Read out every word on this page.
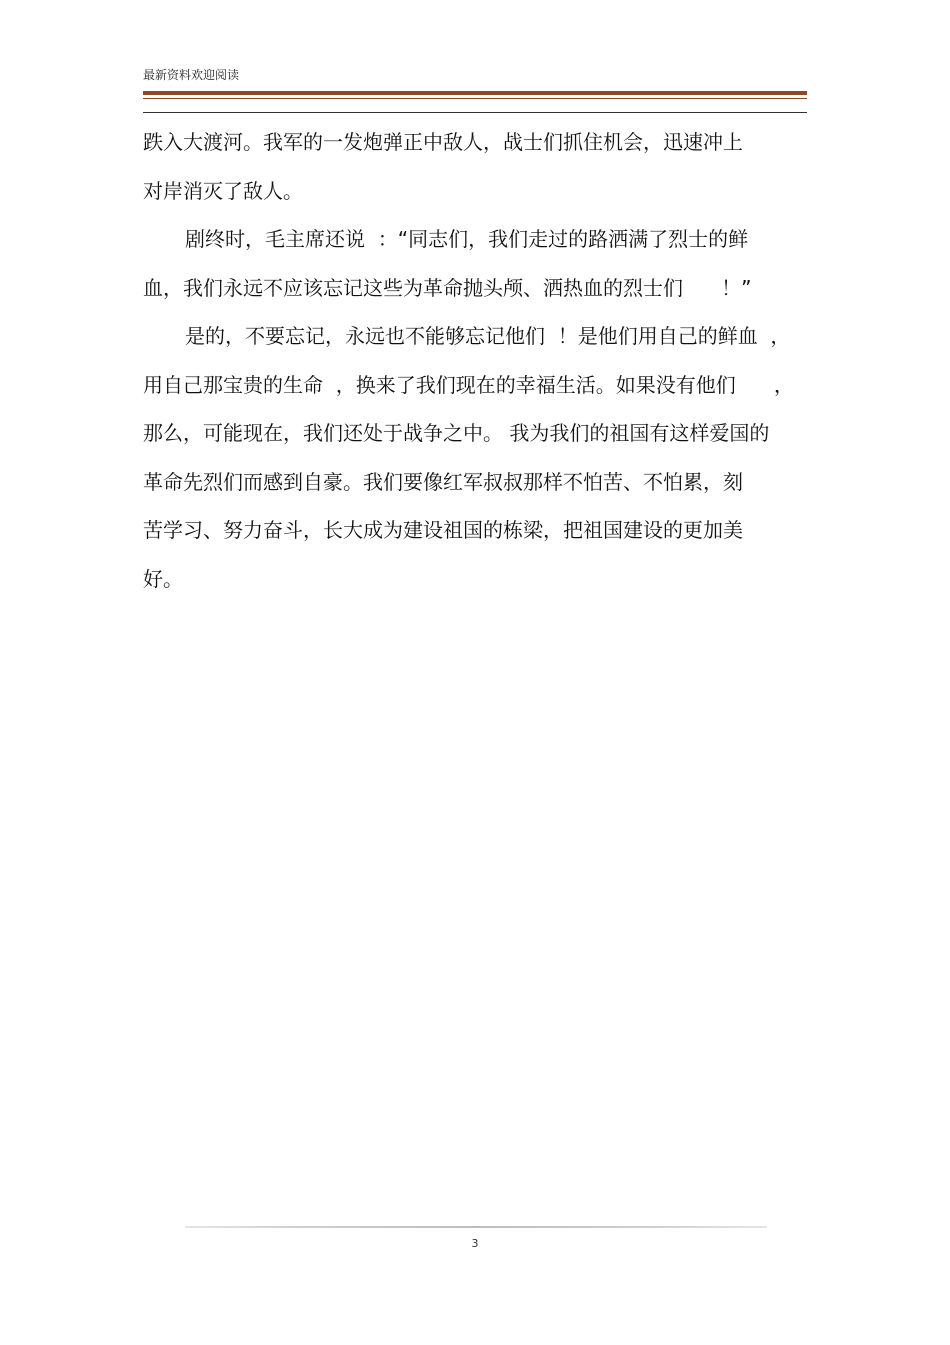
最新资料欢迎阅读
跌入大渡河。我军的一发炮弹正中敌人，战士们抓住机会，迅速冲上
对岸消灭了敌人。
剧终时，毛主席还说  ：“同志们，我们走过的路洒满了烈士的鲜
血，我们永远不应该忘记这些为革命抛头颅、洒热血的烈士们      ！”
是的，不要忘记，永远也不能够忘记他们  ！是他们用自己的鲜血  ，
用自己那宝贵的生命  ，换来了我们现在的幸福生活。如果没有他们      ，
那么，可能现在，我们还处于战争之中。 我为我们的祖国有这样爱国的
革命先烈们而感到自豪。我们要像红军叔叔那样不怕苦、不怕累，刻
苦学习、努力奋斗，长大成为建设祖国的栋梁，把祖国建设的更加美
好。
3
